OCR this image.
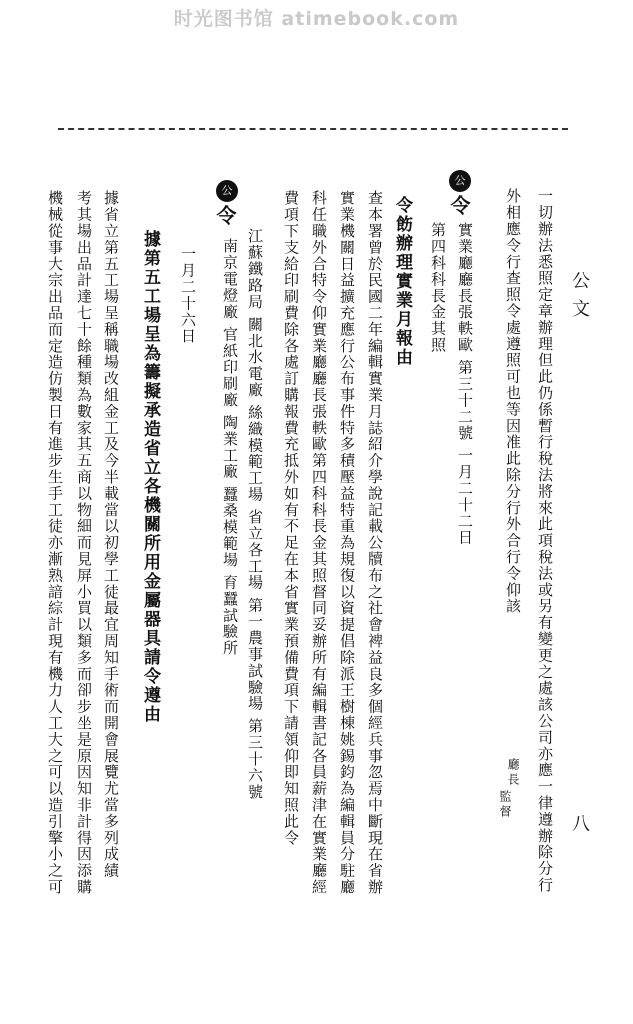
时光图书馆 atimebook.com
公 文
八
一切辦法悉照定章辦理但此仍係暫行稅法將來此項稅法或另有變更之處該公司亦應一律遵辦除分行
外相應令行查照令處遵照可也等因准此除分行外合行令仰該
廳長
監督
公
令
實業廳廳長張軼歐 第三十二號 一月二十二日
第四科科長金其照
令飭辦理實業月報由
查本署曾於民國二年編輯實業月誌紹介學說記載公牘布之社會裨益良多個經兵事忽焉中斷現在省辦
實業機關日益擴充應行公布事件特多積壓益特重為規復以資提倡除派王樹棟姚錫鈞為編輯員分駐廳
科任職外合特令仰實業廳廳長張軼歐第四科科長金其照督同妥辦所有編輯書記各員薪津在實業廳經
費項下支給印刷費除各處訂購報費充抵外如有不足在本省實業預備費項下請領仰即知照此令
公
令
江蘇鐵路局 關北水電廠 絲織模範工場 省立各工場 第一農事試驗場 第三十六號
南京電燈廠 官紙印刷廠 陶業工廠 蠶桑模範場 育蠶試驗所
一月二十六日
據第五工場呈為籌擬承造省立各機關所用金屬器具請令遵由
據省立第五工場呈稱職場改組金工及今半載當以初學工徒最宜周知手術而開會展覽尤當多列成績
考其場出品計達七十餘種類為數家其五商以物細而見屏小買以類多而卻步坐是原因知非計得因添購
機械從事大宗出品而定造仿製日有進步生手工徒亦漸熟諳綜計現有機力人工大之可以造引擎小之可
